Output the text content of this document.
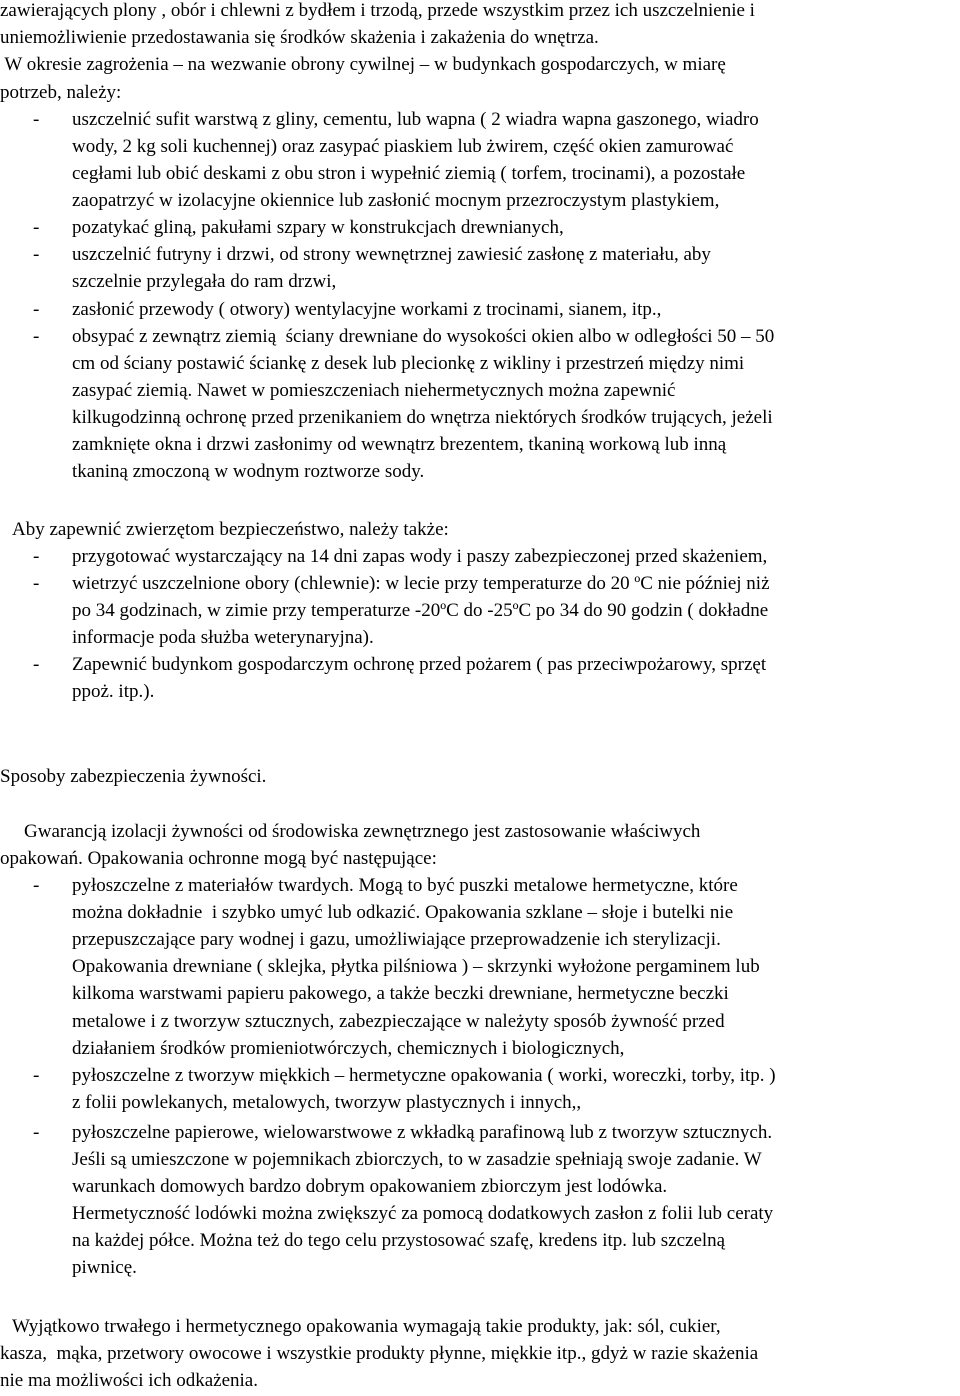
zawierających plony , obór i chlewni z bydłem i trzodą, przede wszystkim przez ich uszczelnienie i
uniemożliwienie przedostawania się środków skażenia i zakażenia do wnętrza.
W okresie zagrożenia – na wezwanie obrony cywilnej – w budynkach gospodarczych, w miarę
potrzeb, należy:
- uszczelnić sufit warstwą z gliny, cementu, lub wapna ( 2 wiadra wapna gaszonego, wiadro
wody, 2 kg soli kuchennej) oraz zasypać piaskiem lub żwirem, część okien zamurować
cegłami lub obić deskami z obu stron i wypełnić ziemią ( torfem, trocinami), a pozostałe
zaopatrzyć w izolacyjne okiennice lub zasłonić mocnym przezroczystym plastykiem,
- pozatykać gliną, pakułami szpary w konstrukcjach drewnianych,
- uszczelnić futryny i drzwi, od strony wewnętrznej zawiesić zasłonę z materiału, aby
szczelnie przylegała do ram drzwi,
- zasłonić przewody ( otwory) wentylacyjne workami z trocinami, sianem, itp.,
- obsypać z zewnątrz ziemią  ściany drewniane do wysokości okien albo w odległości 50 – 50
cm od ściany postawić ściankę z desek lub plecionkę z wikliny i przestrzeń między nimi
zasypać ziemią. Nawet w pomieszczeniach niehermetycznych można zapewnić
kilkugodzinną ochronę przed przenikaniem do wnętrza niektórych środków trujących, jeżeli
zamknięte okna i drzwi zasłonimy od wewnątrz brezentem, tkaniną workową lub inną
tkaniną zmoczoną w wodnym roztworze sody.
Aby zapewnić zwierzętom bezpieczeństwo, należy także:
- przygotować wystarczający na 14 dni zapas wody i paszy zabezpieczonej przed skażeniem,
- wietrzyć uszczelnione obory (chlewnie): w lecie przy temperaturze do 20 ºC nie później niż
po 34 godzinach, w zimie przy temperaturze -20ºC do -25ºC po 34 do 90 godzin ( dokładne
informacje poda służba weterynaryjna).
- Zapewnić budynkom gospodarczym ochronę przed pożarem ( pas przeciwpożarowy, sprzęt
ppoż. itp.).
Sposoby zabezpieczenia żywności.
Gwarancją izolacji żywności od środowiska zewnętrznego jest zastosowanie właściwych
opakowań. Opakowania ochronne mogą być następujące:
- pyłoszczelne z materiałów twardych. Mogą to być puszki metalowe hermetyczne, które
można dokładnie  i szybko umyć lub odkazić. Opakowania szklane – słoje i butelki nie
przepuszczające pary wodnej i gazu, umożliwiające przeprowadzenie ich sterylizacji.
Opakowania drewniane ( sklejka, płytka pilśniowa ) – skrzynki wyłożone pergaminem lub
kilkoma warstwami papieru pakowego, a także beczki drewniane, hermetyczne beczki
metalowe i z tworzyw sztucznych, zabezpieczające w należyty sposób żywność przed
działaniem środków promieniotwórczych, chemicznych i biologicznych,
- pyłoszczelne z tworzyw miękkich – hermetyczne opakowania ( worki, woreczki, torby, itp. )
z folii powlekanych, metalowych, tworzyw plastycznych i innych,,
- pyłoszczelne papierowe, wielowarstwowe z wkładką parafinową lub z tworzyw sztucznych.
Jeśli są umieszczone w pojemnikach zbiorczych, to w zasadzie spełniają swoje zadanie. W
warunkach domowych bardzo dobrym opakowaniem zbiorczym jest lodówka.
Hermetyczność lodówki można zwiększyć za pomocą dodatkowych zasłon z folii lub ceraty
na każdej półce. Można też do tego celu przystosować szafę, kredens itp. lub szczelną
piwnicę.
Wyjątkowo trwałego i hermetycznego opakowania wymagają takie produkty, jak: sól, cukier,
kasza,  mąka, przetwory owocowe i wszystkie produkty płynne, miękkie itp., gdyż w razie skażenia
nie ma możliwości ich odkażenia.
